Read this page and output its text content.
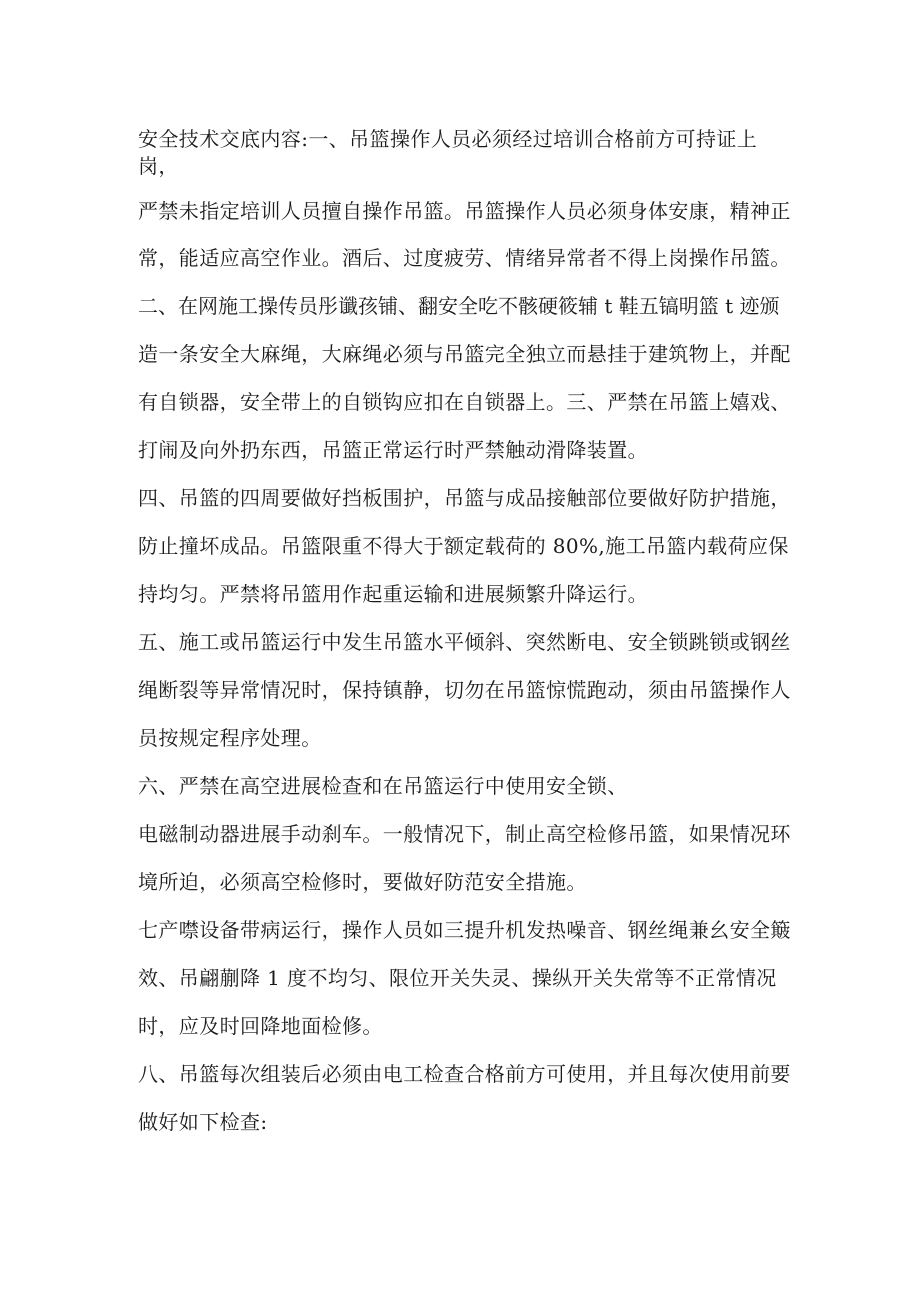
安全技术交底内容:一、吊篮操作人员必须经过培训合格前方可持证上
岗，
严禁未指定培训人员擅自操作吊篮。吊篮操作人员必须身体安康，精神正
常，能适应高空作业。酒后、过度疲劳、情绪异常者不得上岗操作吊篮。
二、在网施工操传员彤谶孩铺、翻安全吃不骸硬筱辅 t 鞋五镐明篮 t 迹颁
造一条安全大麻绳，大麻绳必须与吊篮完全独立而悬挂于建筑物上，并配
有自锁器，安全带上的自锁钩应扣在自锁器上。三、严禁在吊篮上嬉戏、
打闹及向外扔东西，吊篮正常运行时严禁触动滑降装置。
四、吊篮的四周要做好挡板围护，吊篮与成品接触部位要做好防护措施，
防止撞坏成品。吊篮限重不得大于额定载荷的 80%,施工吊篮内载荷应保
持均匀。严禁将吊篮用作起重运输和进展频繁升降运行。
五、施工或吊篮运行中发生吊篮水平倾斜、突然断电、安全锁跳锁或钢丝
绳断裂等异常情况时，保持镇静，切勿在吊篮惊慌跑动，须由吊篮操作人
员按规定程序处理。
六、严禁在高空进展检查和在吊篮运行中使用安全锁、
电磁制动器进展手动刹车。一般情况下，制止高空检修吊篮，如果情况环
境所迫，必须高空检修时，要做好防范安全措施。
七产噤设备带病运行，操作人员如三提升机发热噪音、钢丝绳兼幺安全簸
效、吊翩蒯降 1 度不均匀、限位开关失灵、操纵开关失常等不正常情况
时，应及时回降地面检修。
八、吊篮每次组装后必须由电工检查合格前方可使用，并且每次使用前要
做好如下检查:
